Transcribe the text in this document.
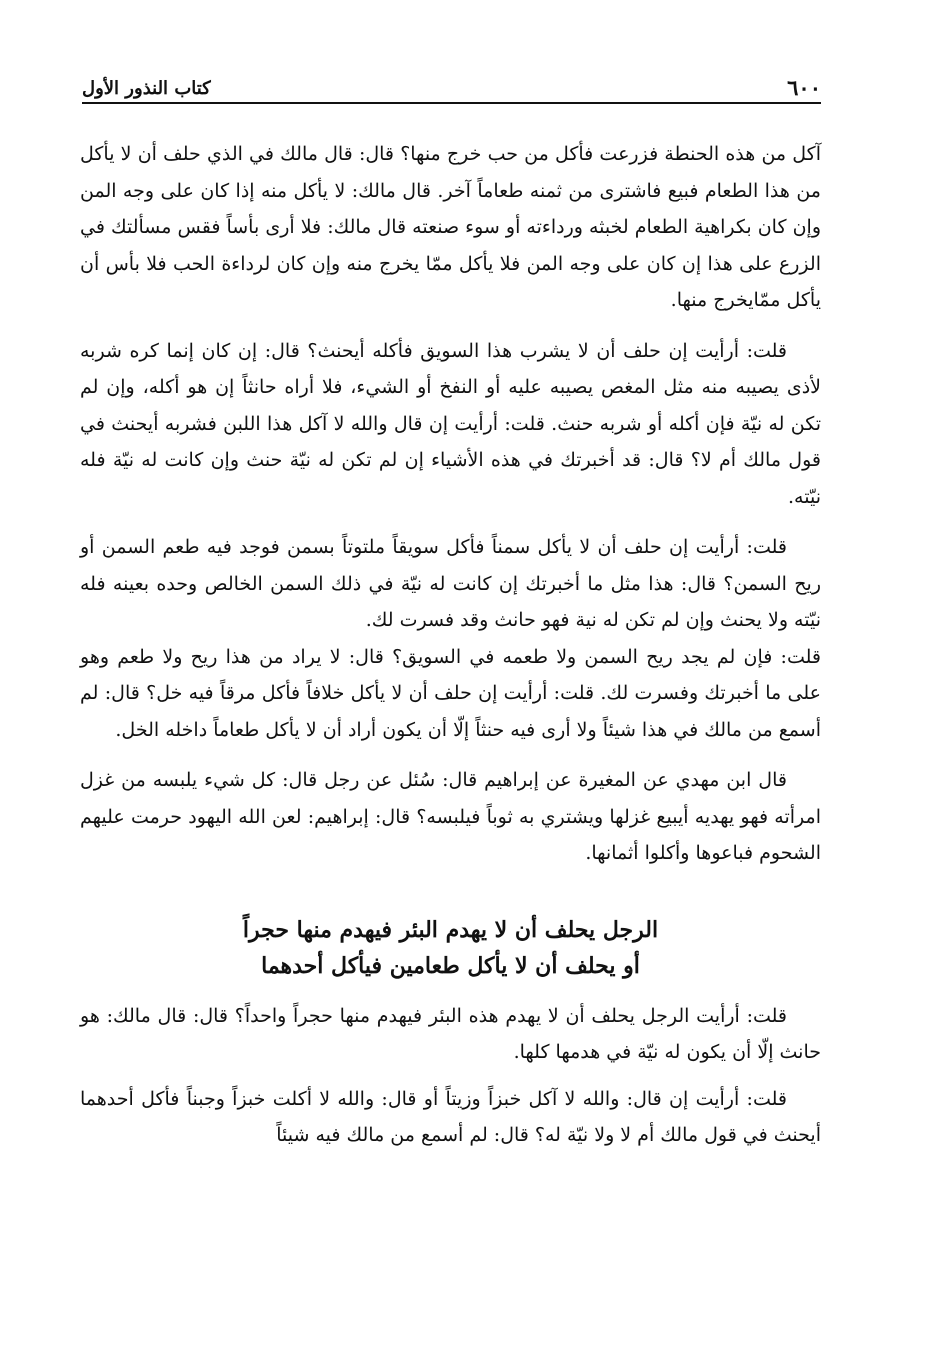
٦٠٠
كتاب النذور الأول

آكل من هذه الحنطة فزرعت فأكل من حب خرج منها؟ قال: قال مالك في الذي حلف أن لا يأكل من هذا الطعام فبيع فاشترى من ثمنه طعاماً آخر. قال مالك: لا يأكل منه إذا كان على وجه المن وإن كان بكراهية الطعام لخبثه ورداءته أو سوء صنعته قال مالك: فلا أرى بأساً فقس مسألتك في الزرع على هذا إن كان على وجه المن فلا يأكل ممّا يخرج منه وإن كان لرداءة الحب فلا بأس أن يأكل ممّايخرج منها.

قلت: أرأيت إن حلف أن لا يشرب هذا السويق فأكله أيحنث؟ قال: إن كان إنما كره شربه لأذى يصيبه منه مثل المغص يصيبه عليه أو النفخ أو الشيء، فلا أراه حانثاً إن هو أكله، وإن لم تكن له نيّة فإن أكله أو شربه حنث. قلت: أرأيت إن قال والله لا آكل هذا اللبن فشربه أيحنث في قول مالك أم لا؟ قال: قد أخبرتك في هذه الأشياء إن لم تكن له نيّة حنث وإن كانت له نيّة فله نيّته.

قلت: أرأيت إن حلف أن لا يأكل سمناً فأكل سويقاً ملتوتاً بسمن فوجد فيه طعم السمن أو ريح السمن؟ قال: هذا مثل ما أخبرتك إن كانت له نيّة في ذلك السمن الخالص وحده بعينه فله نيّته ولا يحنث وإن لم تكن له نية فهو حانث وقد فسرت لك.

قلت: فإن لم يجد ريح السمن ولا طعمه في السويق؟ قال: لا يراد من هذا ريح ولا طعم وهو على ما أخبرتك وفسرت لك. قلت: أرأيت إن حلف أن لا يأكل خلافاً فأكل مرقاً فيه خل؟ قال: لم أسمع من مالك في هذا شيئاً ولا أرى فيه حنثاً إلّا أن يكون أراد أن لا يأكل طعاماً داخله الخل.

قال ابن مهدي عن المغيرة عن إبراهيم قال: سُئل عن رجل قال: كل شيء يلبسه من غزل امرأته فهو يهديه أيبيع غزلها ويشتري به ثوباً فيلبسه؟ قال: إبراهيم: لعن الله اليهود حرمت عليهم الشحوم فباعوها وأكلوا أثمانها.

الرجل يحلف أن لا يهدم البئر فيهدم منها حجراً
أو يحلف أن لا يأكل طعامين فيأكل أحدهما

قلت: أرأيت الرجل يحلف أن لا يهدم هذه البئر فيهدم منها حجراً واحداً؟ قال: قال مالك: هو حانث إلّا أن يكون له نيّة في هدمها كلها.

قلت: أرأيت إن قال: والله لا آكل خبزاً وزيتاً أو قال: والله لا أكلت خبزاً وجبناً فأكل أحدهما أيحنث في قول مالك أم لا ولا نيّة له؟ قال: لم أسمع من مالك فيه شيئاً
